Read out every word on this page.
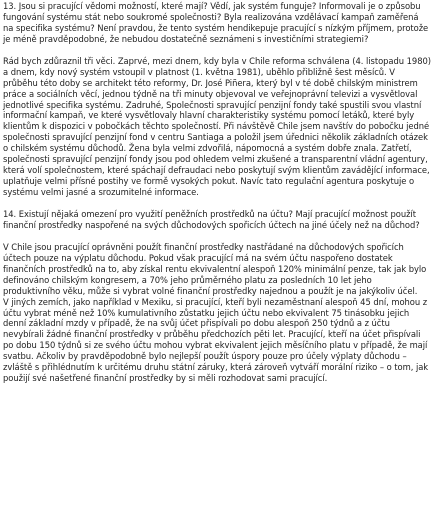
13. Jsou si pracující vědomi možností, které mají? Vědí, jak systém funguje? Informovali je o způsobu fungování systému stát nebo soukromé společnosti? Byla realizována vzdělávací kampaň zaměřená na specifika systému? Není pravdou, že tento systém hendikepuje pracující s nízkým příjmem, protože je méně pravděpodobné, že nebudou dostatečně seznámeni s investičními strategiemi?

Rád bych zdůraznil tři věci. Zaprvé, mezi dnem, kdy byla v Chile reforma schválena (4. listopadu 1980) a dnem, kdy nový systém vstoupil v platnost (1. května 1981), uběhlo přibližně šest měsíců. V průběhu této doby se architekt této reformy, Dr. José Piñera, který byl v té době chilským ministrem práce a sociálních věcí, jednou týdně na tři minuty objevoval ve veřejnoprávní televizi a vysvětloval jednotlivé specifika systému. Zadruhé, Společnosti spravující penzijní fondy také spustili svou vlastní informační kampaň, ve které vysvětlovaly hlavní charakteristiky systému pomocí letáků, které byly klientům k dispozici v pobočkách těchto společností. Při návštěvě Chile jsem navštív do pobočku jedné společnosti spravující penzijní fond v centru Santiaga a položil jsem úřednici několik základních otázek o chilském systému důchodů. Žena byla velmi zdvořilá, nápomocná a systém dobře znala. Zatřetí, společnosti spravující penzijní fondy jsou pod ohledem velmi zkušené a transparentní vládní agentury, která volí společnostem, které spáchají defraudaci nebo poskytují svým klientům zavádějící informace, uplatňuje velmi přísné postihy ve formě vysokých pokut. Navíc tato regulační agentura poskytuje o systému velmi jasné a srozumitelné informace.

14. Existují nějaká omezení pro využití peněžních prostředků na účtu? Mají pracující možnost použít finanční prostředky naspořené na svých důchodových spořicích účtech na jiné účely než na důchod?

V Chile jsou pracující oprávněni použít finanční prostředky nastřádané na důchodových spořicích účtech pouze na výplatu důchodu. Pokud však pracující má na svém účtu naspořeno dostatek finančních prostředků na to, aby získal rentu ekvivalentní alespoň 120% minimální penze, tak jak bylo definováno chilským kongresem, a 70% jeho průměrného platu za posledních 10 let jeho produktivního věku, může si vybrat volné finanční prostředky najednou a použít je na jakýkoliv účel.
V jiných zemích, jako například v Mexiku, si pracující, kteří byli nezaměstnaní alespoň 45 dní, mohou z účtu vybrat méně než 10% kumulativního zůstatku jejich účtu nebo ekvivalent 75 tinásobku jejich denní základní mzdy v případě, že na svůj účet přispívali po dobu alespoň 250 týdnů a z účtu nevybírali žádné finanční prostředky v průběhu předchozích pěti let. Pracující, kteří na účet přispívali po dobu 150 týdnů si ze svého účtu mohou vybrat ekvivalent jejich měsíčního platu v případě, že mají svatbu. Ačkoliv by pravděpodobně bylo nejlepší použít úspory pouze pro účely výplaty důchodu – zvláště s přihlédnutím k určitému druhu státní záruky, která zároveň vytváří morální riziko – o tom, jak použijí své našetřené finanční prostředky by si měli rozhodovat sami pracující.
